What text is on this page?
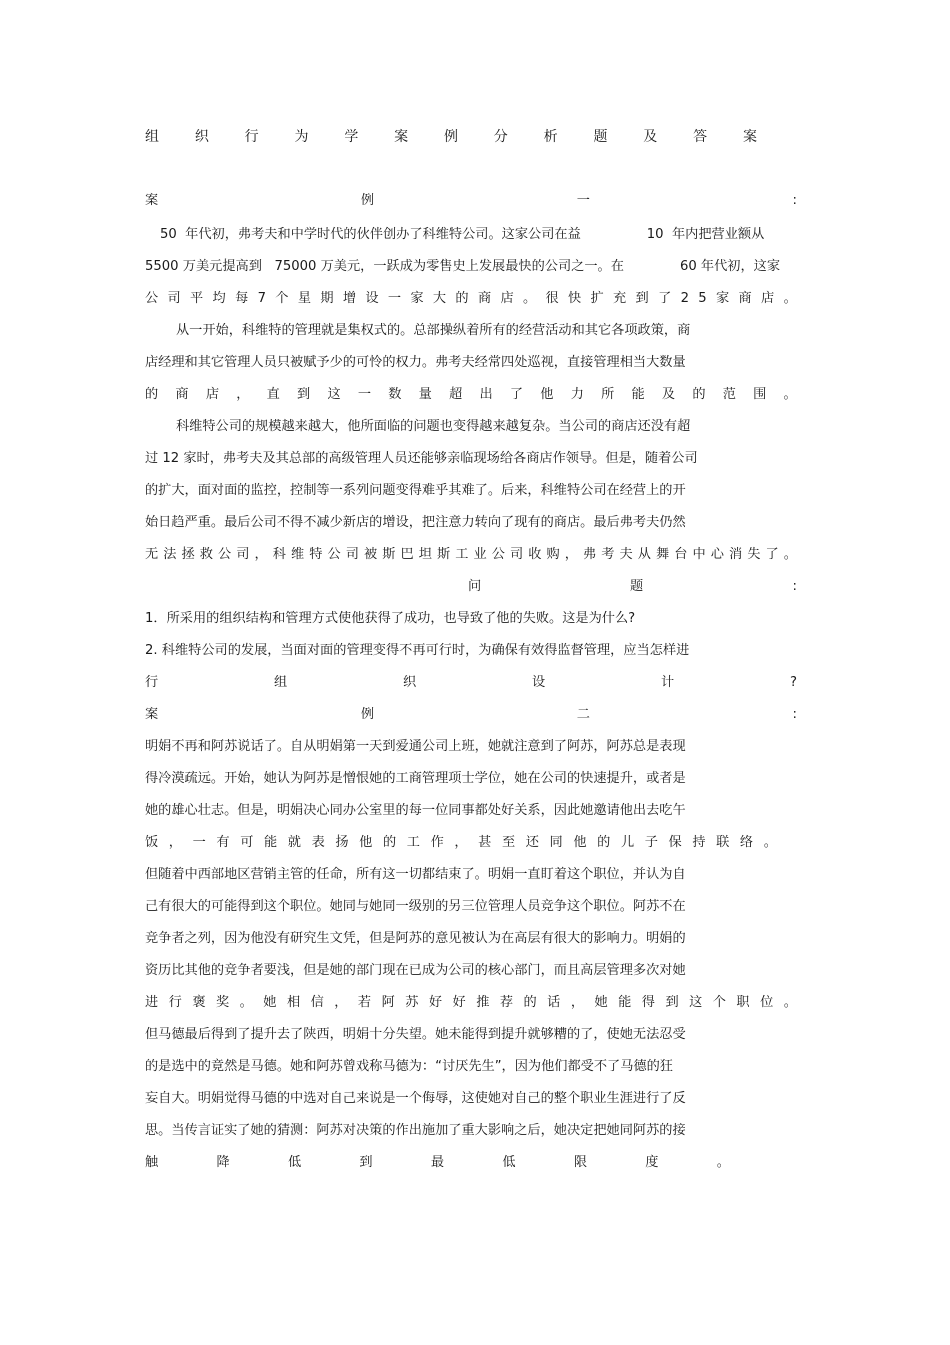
组	织	行	为	学	案	例	分	析	题	及	答	案
案	例	一	:
50 年代初，弗考夫和中学时代的伙伴创办了科维特公司。这家公司在益	10 年内把营业额从
5500 万美元提高到 75000 万美元，一跃成为零售史上发展最快的公司之一。在	60 年代初，这家
公 司 平 均 每 7 个 星 期 增 设 一 家 大 的 商 店 。 很 快 扩 充 到 了 2 5 家 商 店 。
从一开始，科维特的管理就是集权式的。总部操纵着所有的经营活动和其它各项政策，商
店经理和其它管理人员只被赋予少的可怜的权力。弗考夫经常四处巡视，直接管理相当大数量
的 商 店 ， 直 到 这 一 数 量 超 出 了 他 力 所 能 及 的 范 围 。
科维特公司的规模越来越大，他所面临的问题也变得越来越复杂。当公司的商店还没有超
过 12 家时，弗考夫及其总部的高级管理人员还能够亲临现场给各商店作领导。但是，随着公司
的扩大，面对面的监控，控制等一系列问题变得难乎其难了。后来，科维特公司在经营上的开
始日趋严重。最后公司不得不减少新店的增设，把注意力转向了现有的商店。最后弗考夫仍然
无 法 拯 救 公 司 ， 科 维 特 公 司 被 斯 巴 坦 斯 工 业 公 司 收 购 ， 弗 考 夫 从 舞 台 中 心 消 失 了 。
问	题	:
1．所采用的组织结构和管理方式使他获得了成功，也导致了他的失败。这是为什么?
2. 科维特公司的发展，当面对面的管理变得不再可行时，为确保有效得监督管理，应当怎样进
行	组	织	设	计	?
案	例	二	:
明娟不再和阿苏说话了。自从明娟第一天到爱通公司上班，她就注意到了阿苏，阿苏总是表现
得冷漠疏远。开始，她认为阿苏是憎恨她的工商管理项士学位，她在公司的快速提升，或者是
她的雄心壮志。但是，明娟决心同办公室里的每一位同事都处好关系，因此她邀请他出去吃午
饭 ， 一 有 可 能 就 表 扬 他 的 工 作 ， 甚 至 还 同 他 的 儿 子 保 持 联 络 。
但随着中西部地区营销主管的任命，所有这一切都结束了。明娟一直盯着这个职位，并认为自
己有很大的可能得到这个职位。她同与她同一级别的另三位管理人员竞争这个职位。阿苏不在
竞争者之列，因为他没有研究生文凭，但是阿苏的意见被认为在高层有很大的影响力。明娟的
资历比其他的竞争者要浅，但是她的部门现在已成为公司的核心部门，而且高层管理多次对她
进 行 褒 奖 。 她 相 信 ， 若 阿 苏 好 好 推 荐 的 话 ， 她 能 得 到 这 个 职 位 。
但马德最后得到了提升去了陕西，明娟十分失望。她未能得到提升就够糟的了，使她无法忍受
的是选中的竟然是马德。她和阿苏曾戏称马德为：“讨厌先生”，因为他们都受不了马德的狂
妄自大。明娟觉得马德的中选对自己来说是一个侮辱，这使她对自己的整个职业生涯进行了反
思。当传言证实了她的猜测：阿苏对决策的作出施加了重大影响之后，她决定把她同阿苏的接
触	降	低	到	最	低	限	度	。
